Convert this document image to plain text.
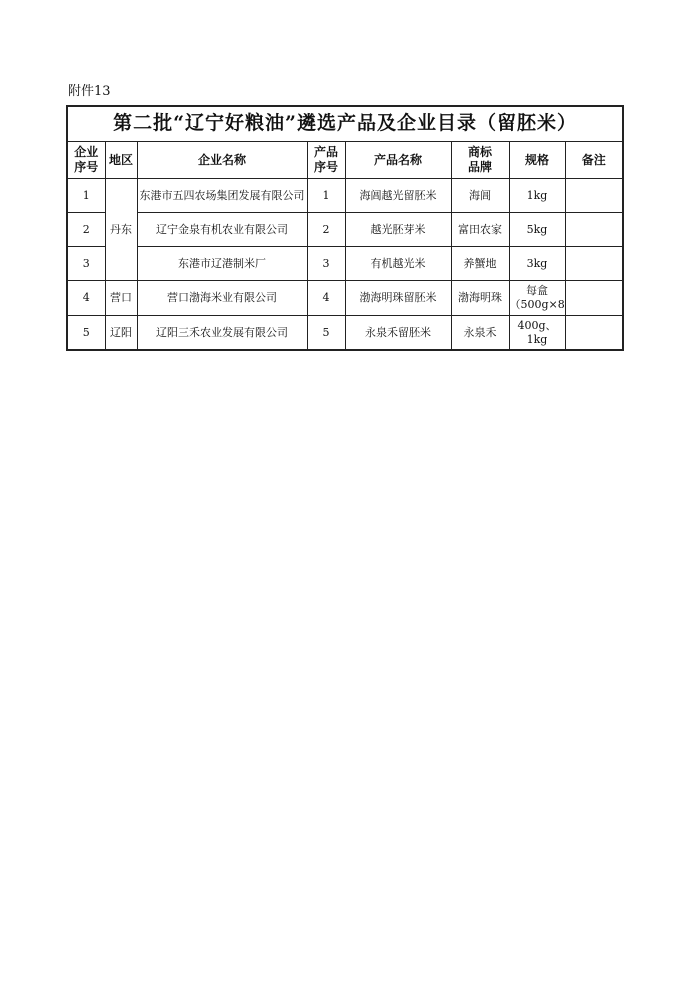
附件13
第二批“辽宁好粮油”遴选产品及企业目录（留胚米）							

企业序号	地区	企业名称	产品序号	产品名称	商标品牌	规格	备注
1	丹东	东港市五四农场集团发展有限公司	1	海阊越光留胚米	海阊	1kg	
2		辽宁金泉有机农业有限公司	2	越光胚芽米	富田农家	5kg	
3		东港市辽港制米厂	3	有机越光米	养蟹地	3kg	
4	营口	营口渤海米业有限公司	4	渤海明珠留胚米	渤海明珠	每盒（500g×8	
5	辽阳	辽阳三禾农业发展有限公司	5	永泉禾留胚米	永泉禾	400g、1kg	
